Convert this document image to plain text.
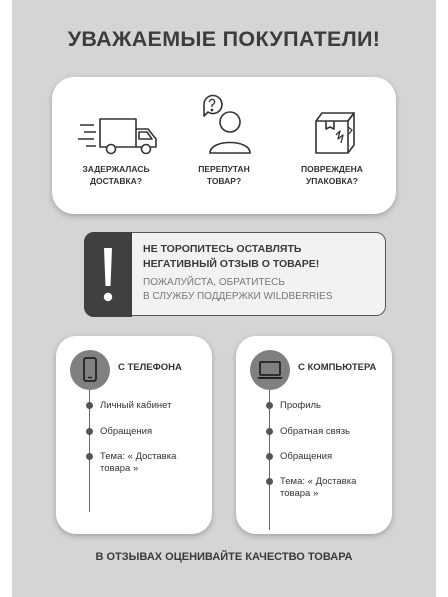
УВАЖАЕМЫЕ ПОКУПАТЕЛИ!
ЗАДЕРЖАЛАСЬ
ДОСТАВКА?
ПЕРЕПУТАН
ТОВАР?
ПОВРЕЖДЕНА
УПАКОВКА?
НЕ ТОРОПИТЕСЬ ОСТАВЛЯТЬ
НЕГАТИВНЫЙ ОТЗЫВ О ТОВАРЕ!
ПОЖАЛУЙСТА, ОБРАТИТЕСЬ
В СЛУЖБУ ПОДДЕРЖКИ WILDBERRIES
С ТЕЛЕФОНА
Личный кабинет
Обращения
Тема: « Доставка
товара »
С КОМПЬЮТЕРА
Профиль
Обратная связь
Обращения
Тема: « Доставка
товара »
В ОТЗЫВАХ ОЦЕНИВАЙТЕ КАЧЕСТВО ТОВАРА
